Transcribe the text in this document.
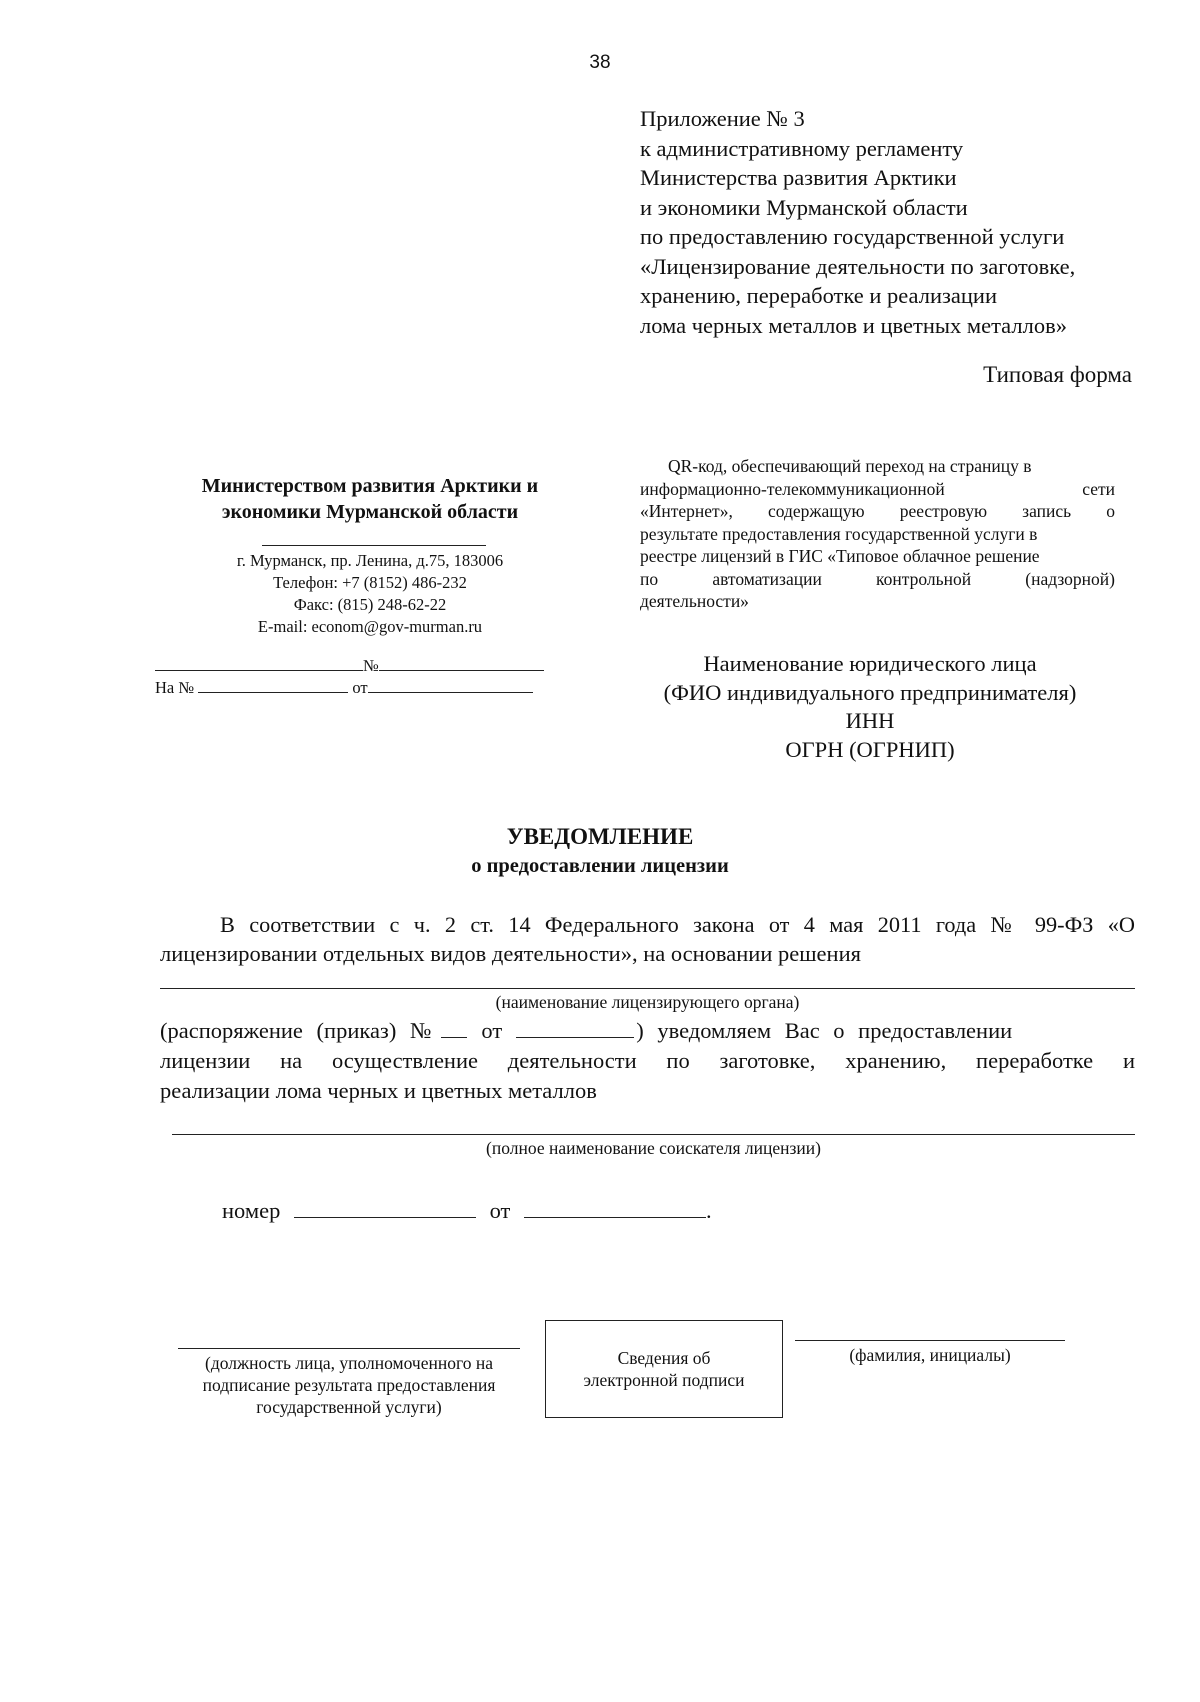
38
Приложение № 3
к административному регламенту
Министерства развития Арктики
и экономики Мурманской области
по предоставлению государственной услуги
«Лицензирование деятельности по заготовке,
хранению, переработке и реализации
лома черных металлов и цветных металлов»
Типовая форма
Министерством развития Арктики и
экономики Мурманской области
г. Мурманск, пр. Ленина, д.75, 183006
Телефон: +7 (8152) 486-232
Факс: (815) 248-62-22
E-mail: econom@gov-murman.ru
№
На №	от
QR-код, обеспечивающий переход на страницу в
информационно-телекоммуникационной сети
«Интернет», содержащую реестровую запись о
результате предоставления государственной услуги в
реестре лицензий в ГИС «Типовое облачное решение
по автоматизации контрольной (надзорной)
деятельности»
Наименование юридического лица
(ФИО индивидуального предпринимателя)
ИНН
ОГРН (ОГРНИП)
УВЕДОМЛЕНИЕ
о предоставлении лицензии
В соответствии с ч. 2 ст. 14 Федерального закона от 4 мая 2011 года № 99-ФЗ «О
лицензировании отдельных видов деятельности», на основании решения
(наименование лицензирующего органа)
(распоряжение (приказ) № от	) уведомляем Вас о предоставлении
лицензии на осуществление деятельности по заготовке, хранению, переработке и
реализации лома черных и цветных металлов
(полное наименование соискателя лицензии)
номер	от	.
(должность лица, уполномоченного на
подписание результата предоставления
государственной услуги)
Сведения об
электронной подписи
(фамилия, инициалы)
